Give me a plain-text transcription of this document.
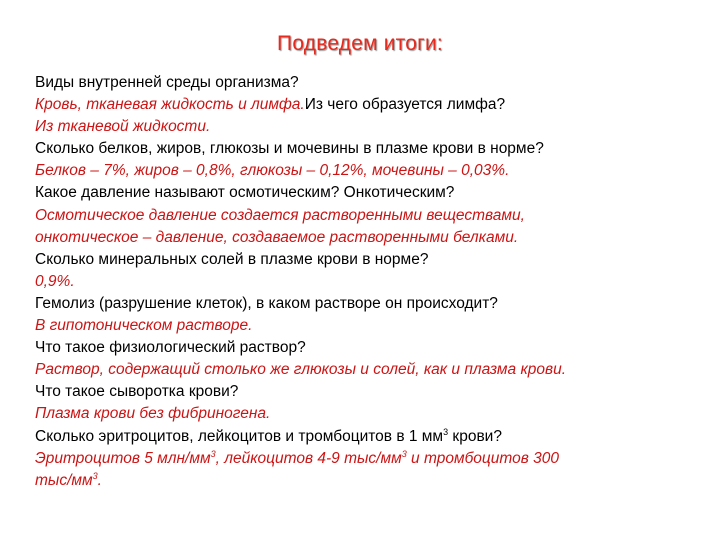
Подведем итоги:
Виды внутренней среды организма?
Кровь, тканевая жидкость и лимфа.Из чего образуется лимфа?
Из тканевой жидкости.
Сколько белков, жиров, глюкозы и мочевины в плазме крови в норме?
Белков – 7%, жиров – 0,8%, глюкозы – 0,12%, мочевины – 0,03%.
Какое давление называют осмотическим? Онкотическим?
Осмотическое давление создается растворенными веществами,
онкотическое – давление, создаваемое растворенными белками.
Сколько минеральных солей в плазме крови в норме?
0,9%.
Гемолиз (разрушение клеток), в каком растворе он происходит?
В гипотоническом растворе.
Что такое физиологический раствор?
Раствор, содержащий столько же глюкозы и солей, как и плазма крови.
Что такое сыворотка крови?
Плазма крови без фибриногена.
Сколько эритроцитов, лейкоцитов и тромбоцитов в 1 $мм^3$ крови?
Эритроцитов 5 млн/$мм^3$, лейкоцитов 4-9 тыс/$мм^3$ и тромбоцитов 300
тыс/$мм^3$.
